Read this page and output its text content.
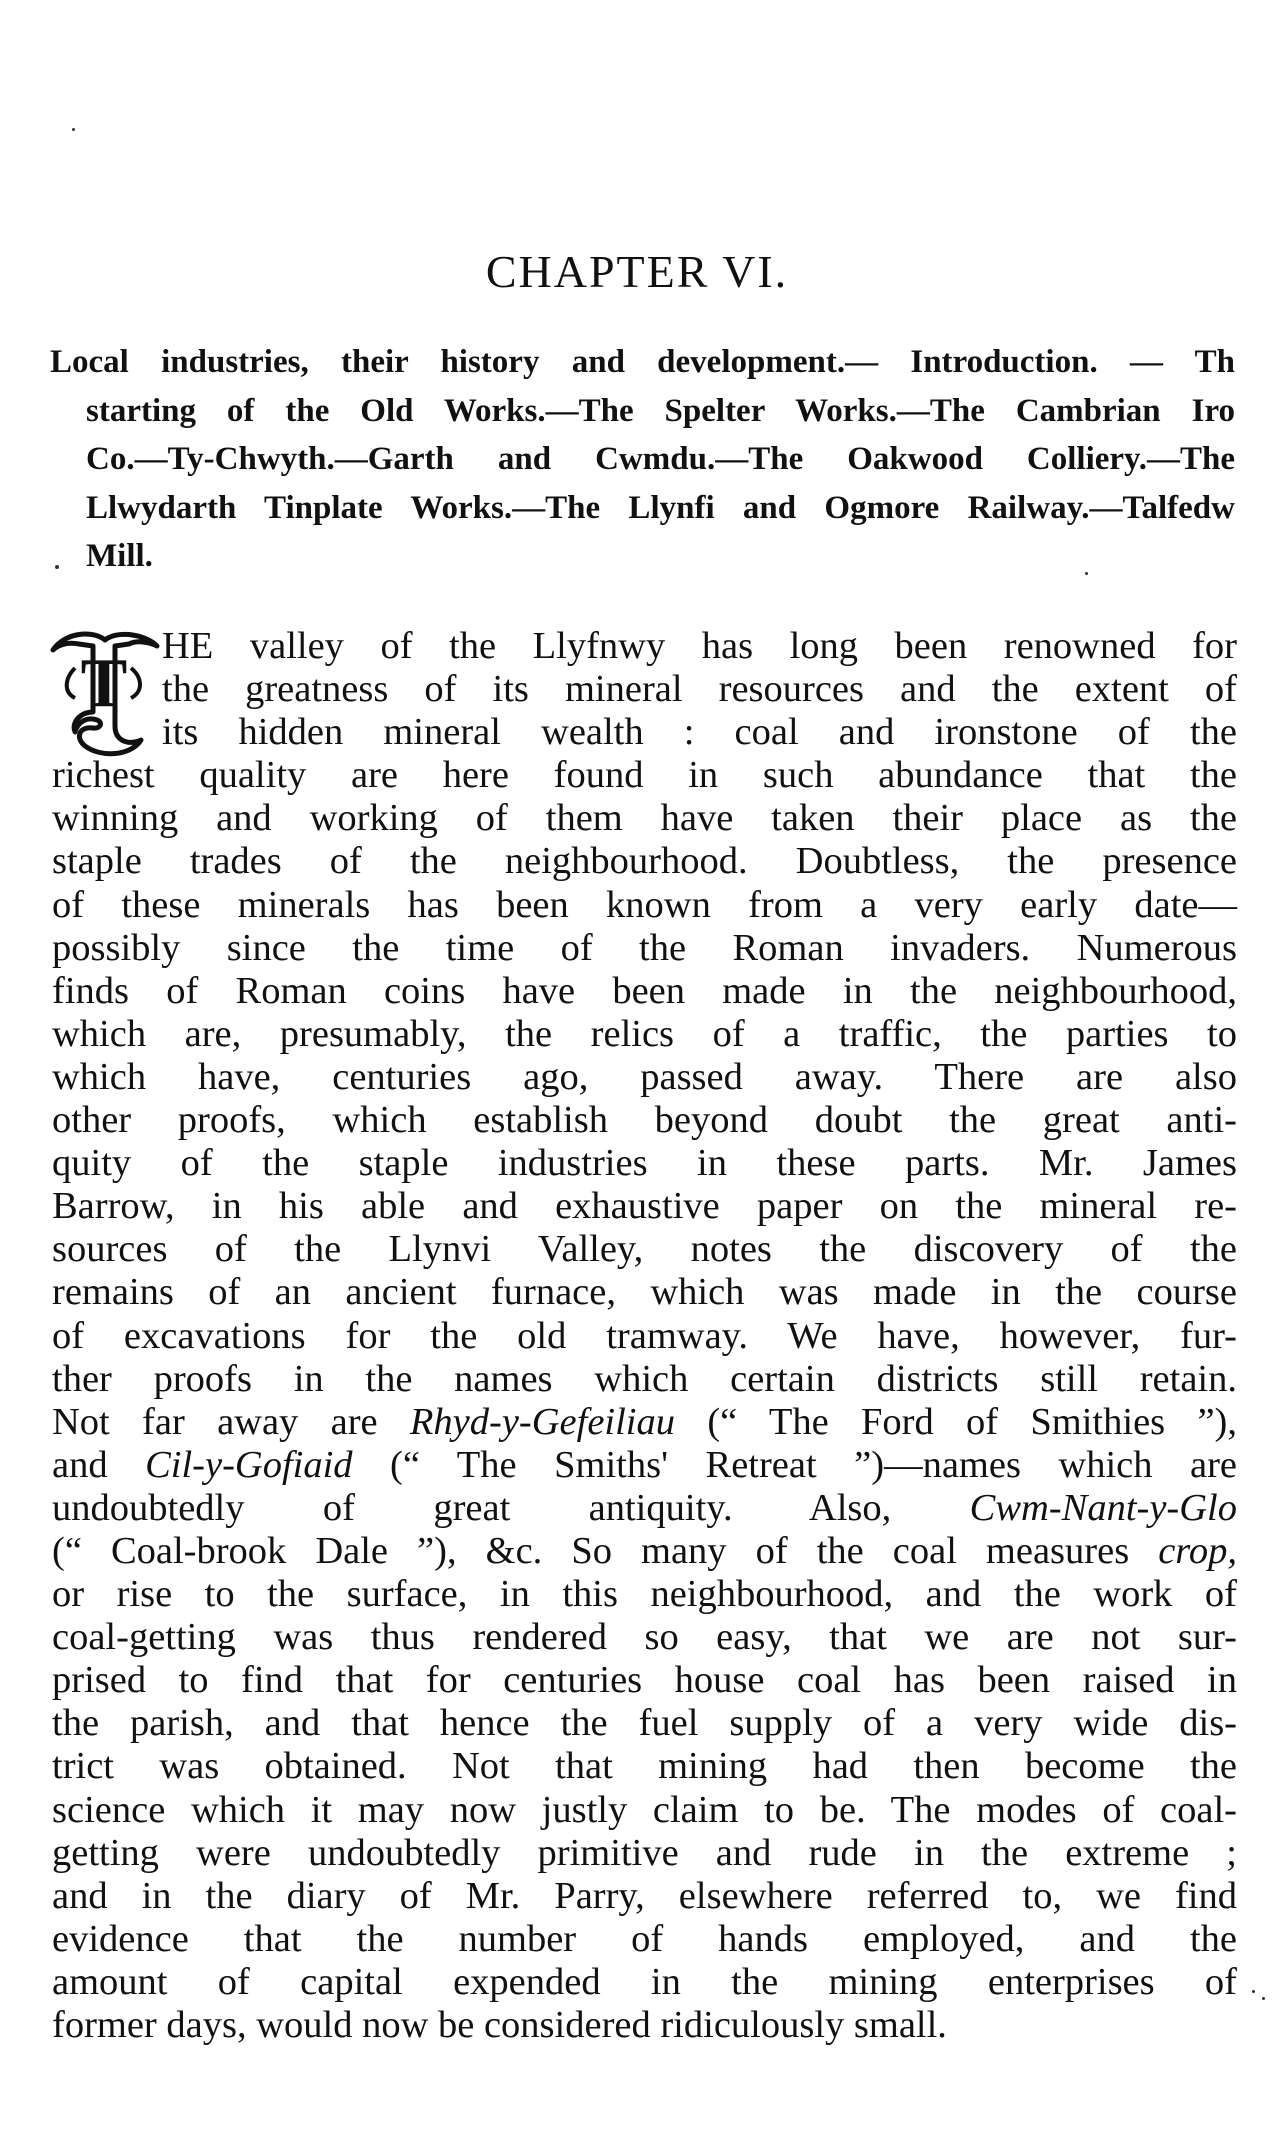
CHAPTER VI.
Local industries, their history and development.— Introduction. — Th
starting of the Old Works.—The Spelter Works.—The Cambrian Iro
Co.—Ty-Chwyth.—Garth and Cwmdu.—The Oakwood Colliery.—The
Llwydarth Tinplate Works.—The Llynfi and Ogmore Railway.—Talfedw
Mill.
T HE valley of the Llyfnwy has long been renowned for
the greatness of its mineral resources and the extent of
its hidden mineral wealth : coal and ironstone of the
richest quality are here found in such abundance that the
winning and working of them have taken their place as the
staple trades of the neighbourhood. Doubtless, the presence
of these minerals has been known from a very early date—
possibly since the time of the Roman invaders. Numerous
finds of Roman coins have been made in the neighbourhood,
which are, presumably, the relics of a traffic, the parties to
which have, centuries ago, passed away. There are also
other proofs, which establish beyond doubt the great anti-
quity of the staple industries in these parts. Mr. James
Barrow, in his able and exhaustive paper on the mineral re-
sources of the Llynvi Valley, notes the discovery of the
remains of an ancient furnace, which was made in the course
of excavations for the old tramway. We have, however, fur-
ther proofs in the names which certain districts still retain.
Not far away are Rhyd-y-Gefeiliau (“ The Ford of Smithies ”),
and Cil-y-Gofiaid (“ The Smiths' Retreat ”)—names which are
undoubtedly of great antiquity. Also, Cwm-Nant-y-Glo
(“ Coal-brook Dale ”), &c. So many of the coal measures crop,
or rise to the surface, in this neighbourhood, and the work of
coal-getting was thus rendered so easy, that we are not sur-
prised to find that for centuries house coal has been raised in
the parish, and that hence the fuel supply of a very wide dis-
trict was obtained. Not that mining had then become the
science which it may now justly claim to be. The modes of coal-
getting were undoubtedly primitive and rude in the extreme ;
and in the diary of Mr. Parry, elsewhere referred to, we find
evidence that the number of hands employed, and the
amount of capital expended in the mining enterprises of
former days, would now be considered ridiculously small.
